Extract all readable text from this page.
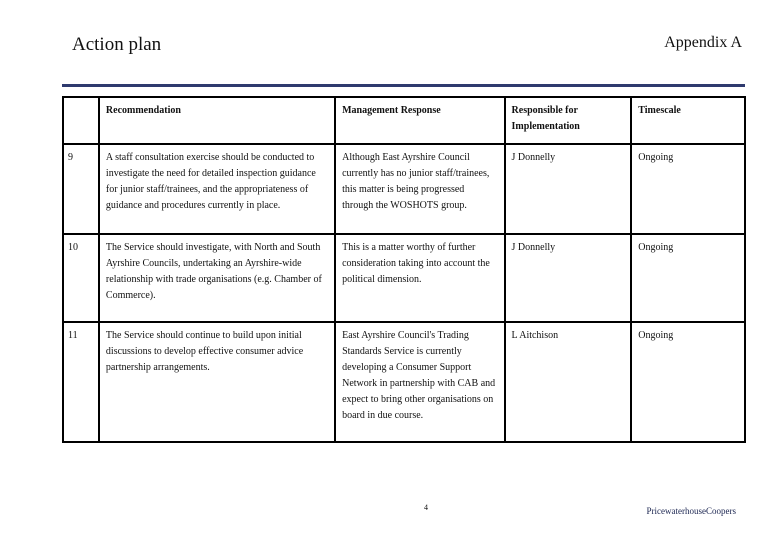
Action plan	Appendix A
	Recommendation	Management Response	Responsible for Implementation	Timescale
9	A staff consultation exercise should be conducted to investigate the need for detailed inspection guidance for junior staff/trainees, and the appropriateness of guidance and procedures currently in place.	Although East Ayrshire Council currently has no junior staff/trainees, this matter is being progressed through the WOSHOTS group.	J Donnelly	Ongoing
10	The Service should investigate, with North and South Ayrshire Councils, undertaking an Ayrshire-wide relationship with trade organisations (e.g. Chamber of Commerce).	This is a matter worthy of further consideration taking into account the political dimension.	J Donnelly	Ongoing
11	The Service should continue to build upon initial discussions to develop effective consumer advice partnership arrangements.	East Ayrshire Council's Trading Standards Service is currently developing a Consumer Support Network in partnership with CAB and expect to bring other organisations on board in due course.	L Aitchison	Ongoing
4	PricewaterhouseCoopers
